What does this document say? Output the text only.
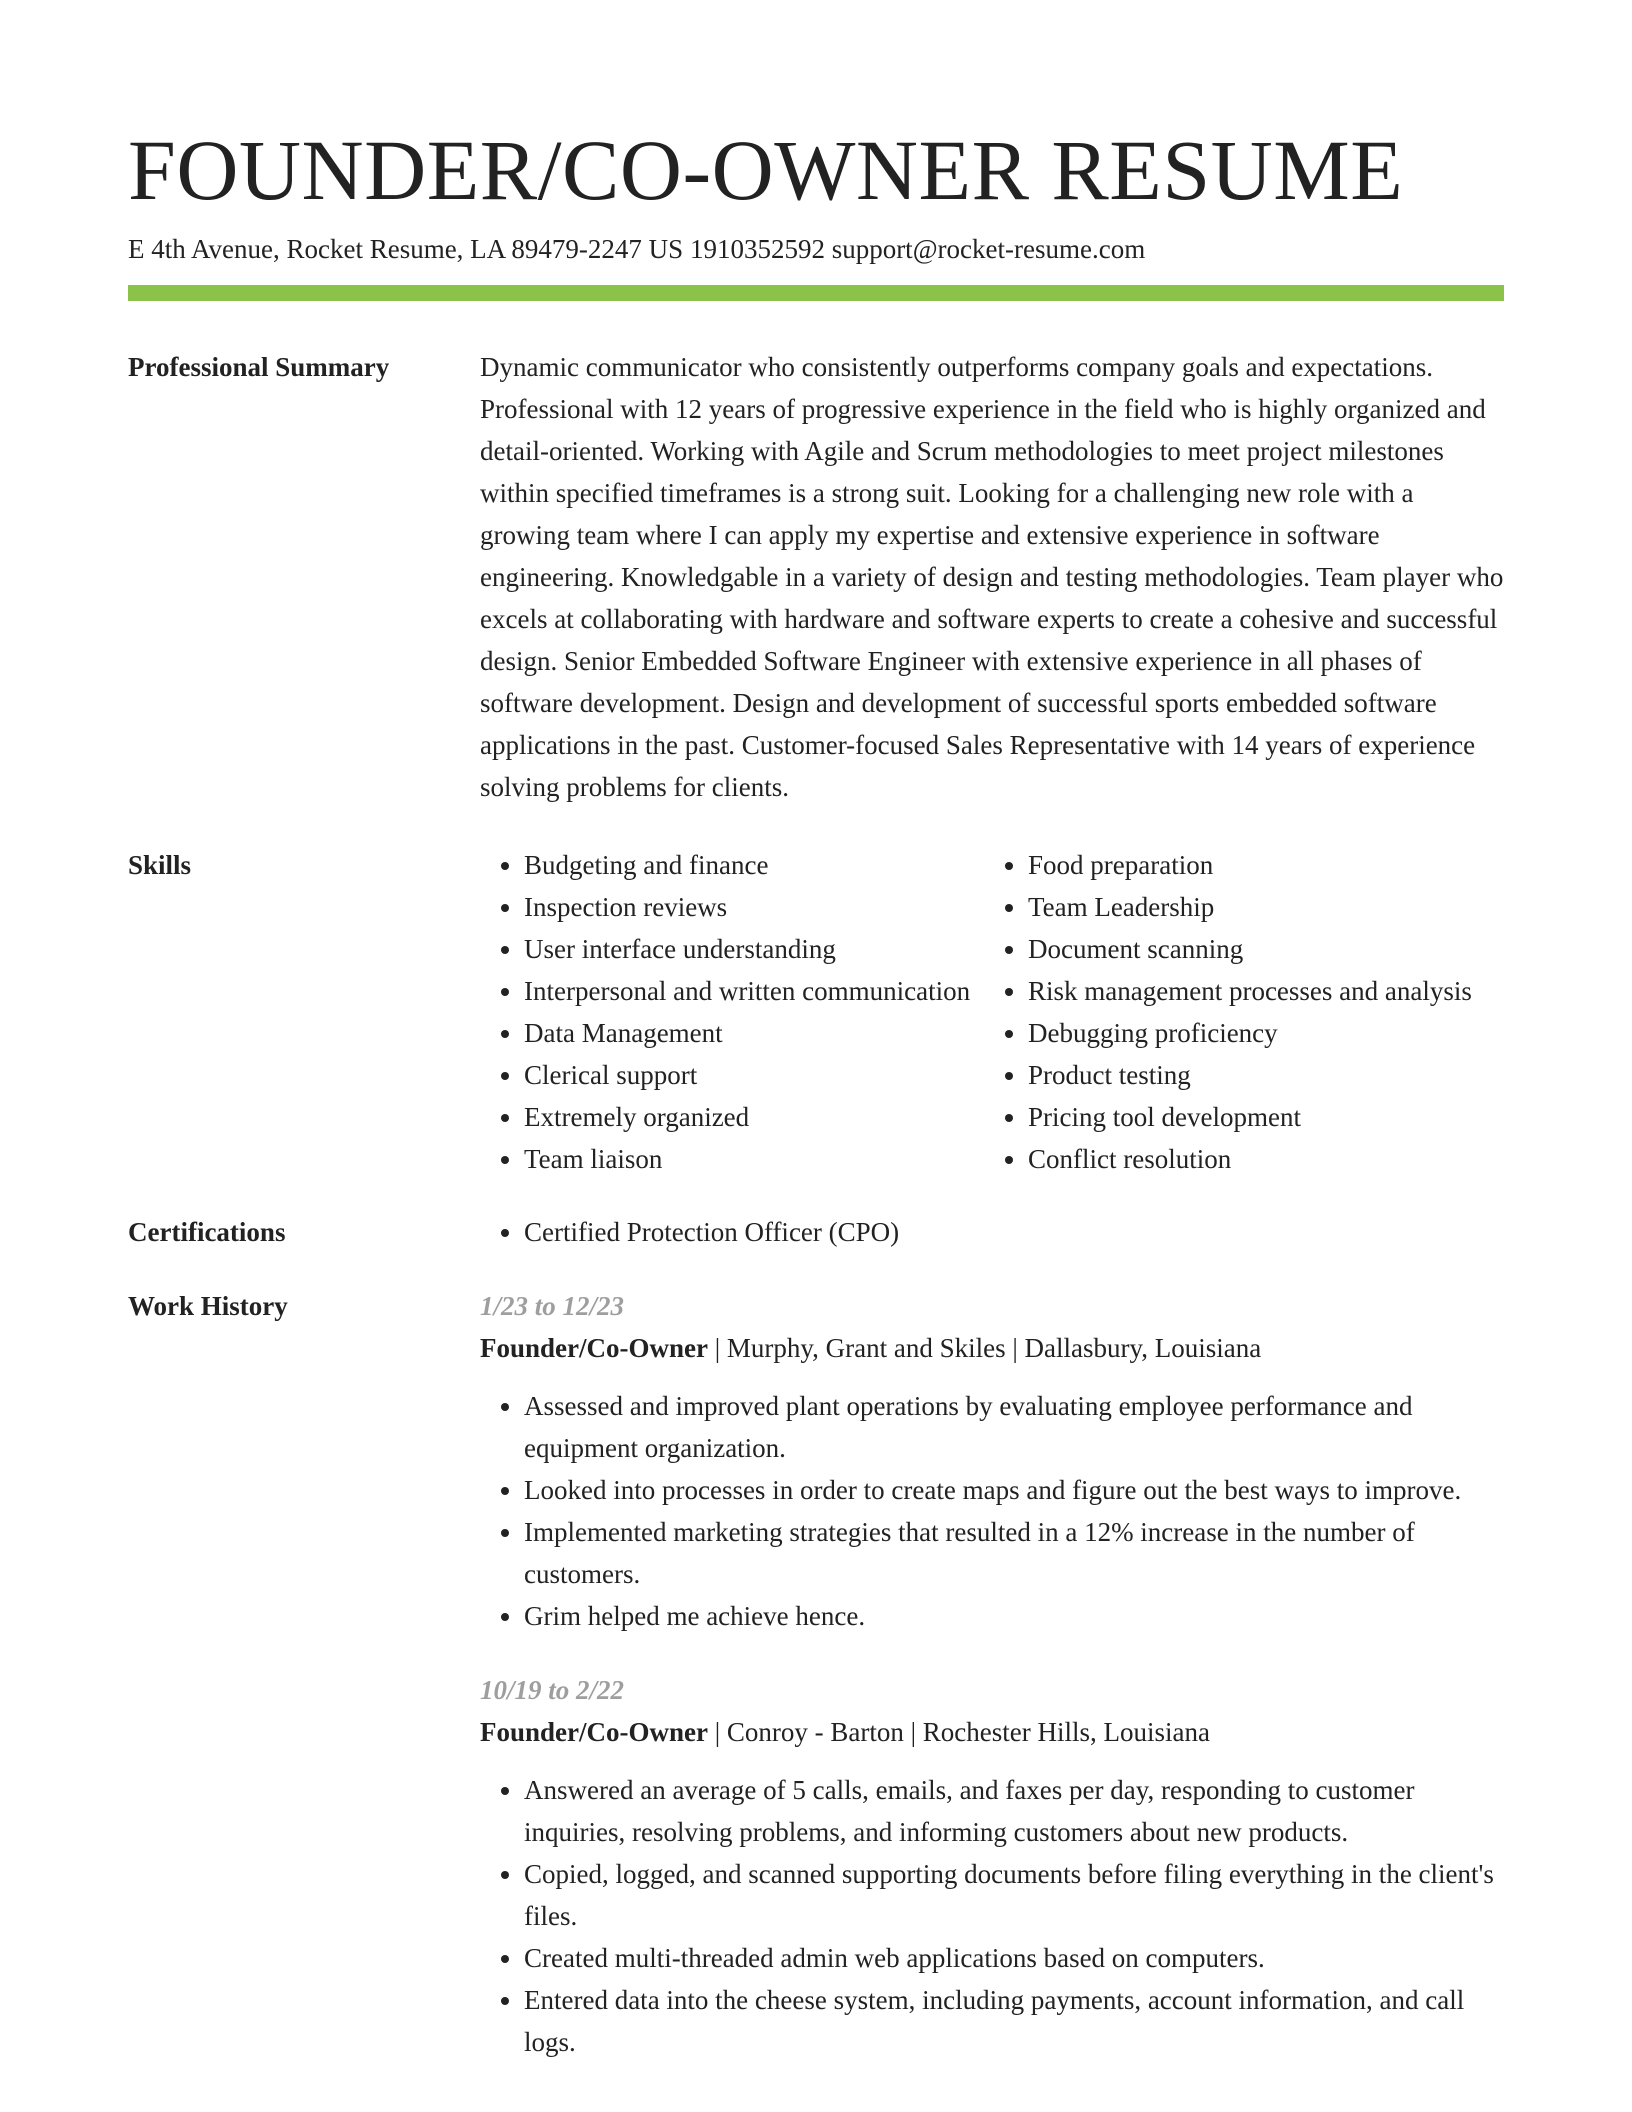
FOUNDER/CO-OWNER RESUME
E 4th Avenue, Rocket Resume, LA 89479-2247 US 1910352592 support@rocket-resume.com
Professional Summary	Dynamic communicator who consistently outperforms company goals and expectations. Professional with 12 years of progressive experience in the field who is highly organized and detail-oriented. Working with Agile and Scrum methodologies to meet project milestones within specified timeframes is a strong suit. Looking for a challenging new role with a growing team where I can apply my expertise and extensive experience in software engineering. Knowledgable in a variety of design and testing methodologies. Team player who excels at collaborating with hardware and software experts to create a cohesive and successful design. Senior Embedded Software Engineer with extensive experience in all phases of software development. Design and development of successful sports embedded software applications in the past. Customer-focused Sales Representative with 14 years of experience solving problems for clients.

Skills	• Budgeting and finance
• Inspection reviews
• User interface understanding
• Interpersonal and written communication
• Data Management
• Clerical support
• Extremely organized
• Team liaison
• Food preparation
• Team Leadership
• Document scanning
• Risk management processes and analysis
• Debugging proficiency
• Product testing
• Pricing tool development
• Conflict resolution
Certifications	• Certified Protection Officer (CPO)
Work History	1/23 to 12/23
Founder/Co-Owner | Murphy, Grant and Skiles | Dallasbury, Louisiana
• Assessed and improved plant operations by evaluating employee performance and equipment organization.
• Looked into processes in order to create maps and figure out the best ways to improve.
• Implemented marketing strategies that resulted in a 12% increase in the number of customers.
• Grim helped me achieve hence.
10/19 to 2/22
Founder/Co-Owner | Conroy - Barton | Rochester Hills, Louisiana
• Answered an average of 5 calls, emails, and faxes per day, responding to customer inquiries, resolving problems, and informing customers about new products.
• Copied, logged, and scanned supporting documents before filing everything in the client's files.
• Created multi-threaded admin web applications based on computers.
• Entered data into the cheese system, including payments, account information, and call logs.
